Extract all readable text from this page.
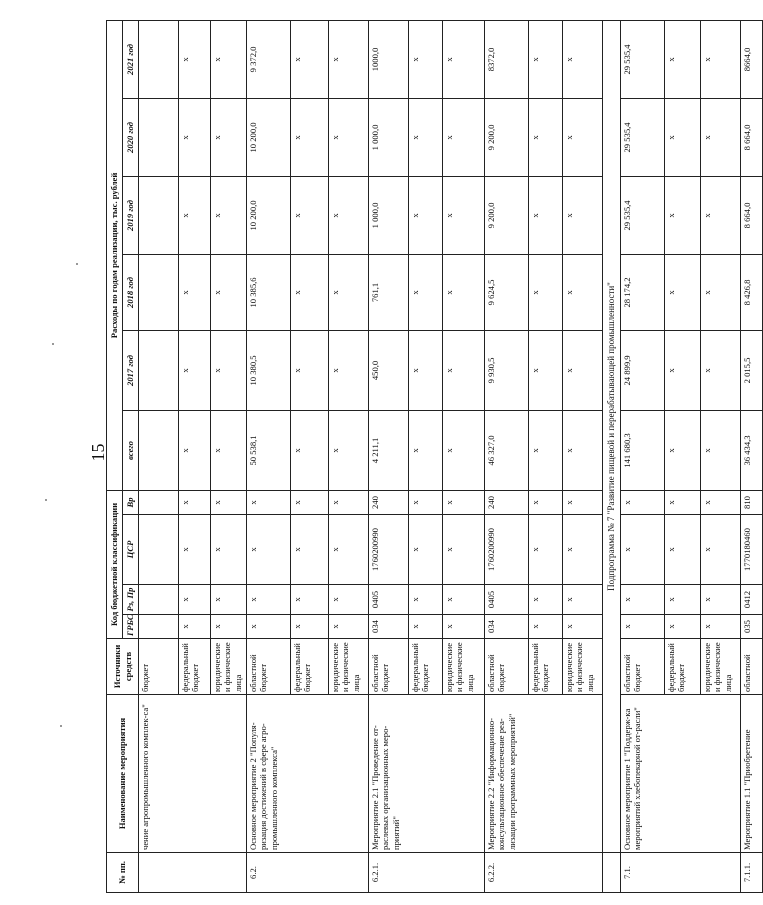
15
№ пп.	Наименование мероприятия	Источники средств	Код бюджетной классификации				Расходы по годам реализации, тыс. рублей					
			ГРБС	Рз, Пр	ЦСР	Вр	всего	2017 год	2018 год	2019 год	2020 год	2021 год
	чение агропромышленного комплек-са"	бюджет										
		федеральный бюджет	x	x	x	x	x	x	x	x	x	x
		юридические и физические лица	x	x	x	x	x	x	x	x	x	x
6.2.	Основное мероприятие 2 "Популя-ризация достижений в сфере агро-промышленного комплекса"	областной бюджет	x	x	x	x	50 538,1	10 380,5	10 385,6	10 200,0	10 200,0	9 372,0
		федеральный бюджет	x	x	x	x	x	x	x	x	x	x
		юридические и физические лица	x	x	x	x	x	x	x	x	x	x
6.2.1.	Мероприятие 2.1 "Проведение от-раслевых организационных меро-приятий"	областной бюджет	034	0405	1760200990	240	4 211,1	450,0	761,1	1 000,0	1 000,0	1000,0
		федеральный бюджет	x	x	x	x	x	x	x	x	x	x
		юридические и физические лица	x	x	x	x	x	x	x	x	x	x
6.2.2.	Мероприятие 2.2 "Информационно-консультационное обеспечение реа-лизации программных мероприятий"	областной бюджет	034	0405	1760200990	240	46 327,0	9 930,5	9 624,5	9 200,0	9 200,0	8372,0
		федеральный бюджет	x	x	x	x	x	x	x	x	x	x
		юридические и физические лица	x	x	x	x	x	x	x	x	x	x
	Подпрограмма № 7 "Развитие пищевой и перерабатывающей промышленности"											
7.1.	Основное мероприятие 1 "Поддерж-ка мероприятий хлебопекарной от-расли"	областной бюджет	x	x	x	x	141 680,3	24 899,9	28 174,2	29 535,4	29 535,4	29 535,4
		федеральный бюджет	x	x	x	x	x	x	x	x	x	x
		юридические и физические лица	x	x	x	x	x	x	x	x	x	x
7.1.1.	Мероприятие 1.1 "Приобретение	областной	035	0412	1770180460	810	36 434,3	2 015,5	8 426,8	8 664,0	8 664,0	8664,0
